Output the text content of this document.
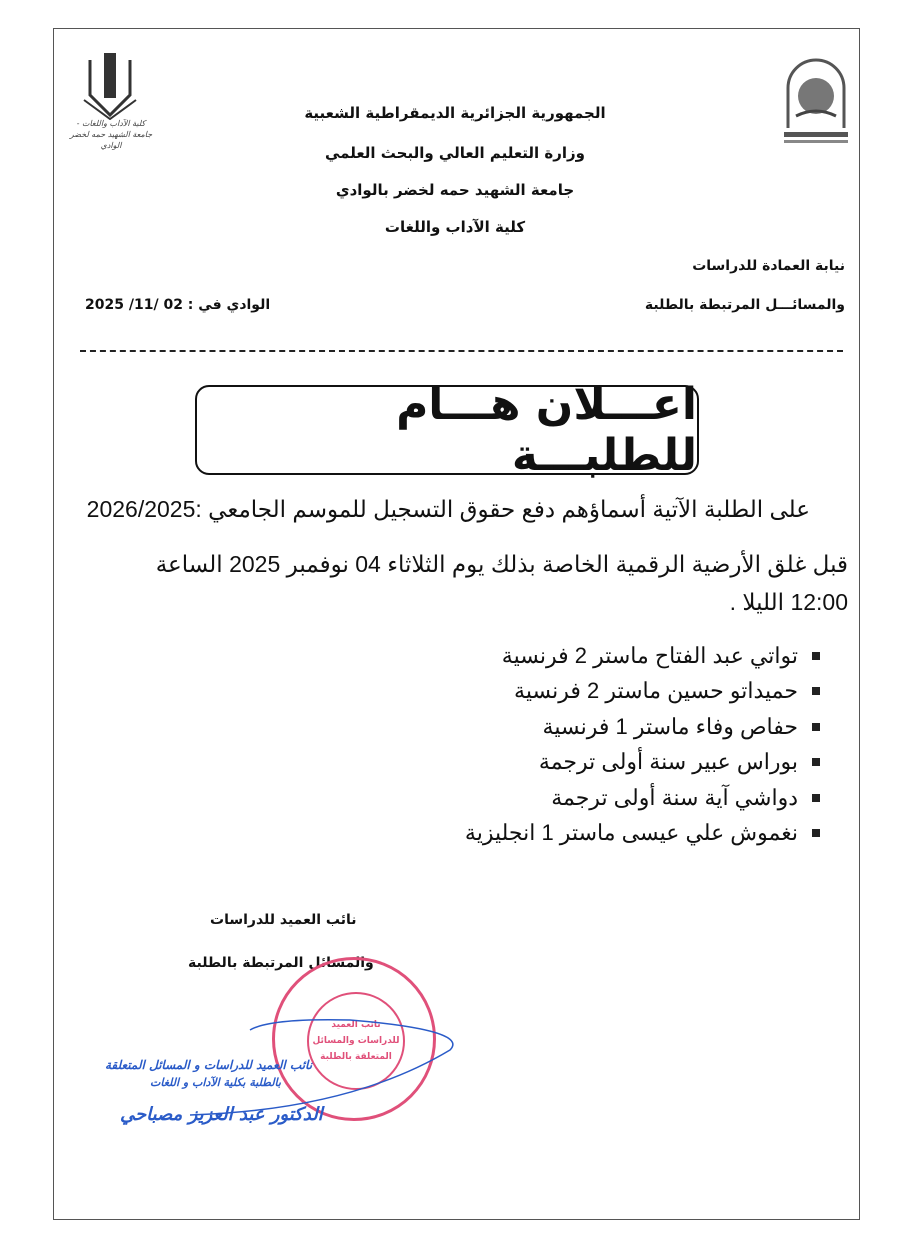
كلية الآداب واللغات - جامعة الشهيد حمه لخضر الوادي
الجمهورية الجزائرية الديمقراطية الشعبية
وزارة التعليم العالي والبحث العلمي
جامعة الشهيد حمه لخضر بالوادي
كلية الآداب واللغات
نيابة العمادة للدراسات
والمسائـــل المرتبطة بالطلبة
الوادي في : 02 /11/ 2025
اعـــلان هـــام للطلبـــة
على الطلبة الآتية أسماؤهم دفع حقوق التسجيل للموسم الجامعي :2026/2025
قبل غلق الأرضية الرقمية الخاصة بذلك يوم الثلاثاء 04 نوفمبر 2025 الساعة
12:00 الليلا .
تواتي عبد الفتاح ماستر 2 فرنسية
حميداتو حسين ماستر 2 فرنسية
حفاص وفاء ماستر 1 فرنسية
بوراس عبير سنة أولى ترجمة
دواشي آية سنة أولى ترجمة
نغموش علي عيسى ماستر 1 انجليزية
نائب العميد للدراسات
والمسائل المرتبطة بالطلبة
نائب العميد
للدراسات والمسائل
المتعلقة بالطلبة
نائب العميد للدراسات و المسائل المتعلقة
بالطلبة بكلية الآداب و اللغات
الدكتور عبد العزيز مصباحي
